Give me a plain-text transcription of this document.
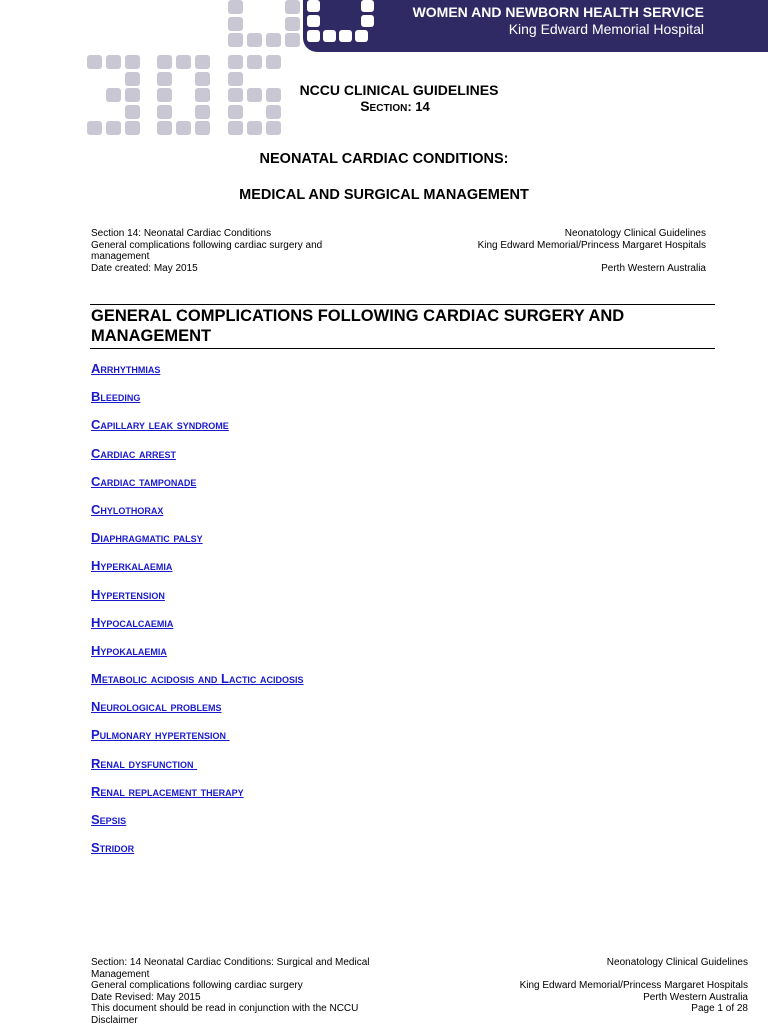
WOMEN AND NEWBORN HEALTH SERVICE
King Edward Memorial Hospital
NCCU CLINICAL GUIDELINES
Section: 14
NEONATAL CARDIAC CONDITIONS:
MEDICAL AND SURGICAL MANAGEMENT
Section 14: Neonatal Cardiac Conditions
General complications following cardiac surgery and management
Date created: May 2015
Neonatology Clinical Guidelines
King Edward Memorial/Princess Margaret Hospitals
Perth Western Australia
GENERAL COMPLICATIONS FOLLOWING CARDIAC SURGERY AND MANAGEMENT
Arrhythmias
Bleeding
Capillary leak syndrome
Cardiac arrest
Cardiac tamponade
Chylothorax
Diaphragmatic palsy
Hyperkalaemia
Hypertension
Hypocalcaemia
Hypokalaemia
Metabolic acidosis and Lactic acidosis
Neurological problems
Pulmonary hypertension
Renal dysfunction
Renal replacement therapy
Sepsis
Stridor
Section: 14 Neonatal Cardiac Conditions: Surgical and Medical Management
General complications following cardiac surgery
Date Revised: May 2015
This document should be read in conjunction with the NCCU Disclaimer
Neonatology Clinical Guidelines
King Edward Memorial/Princess Margaret Hospitals
Perth Western Australia
Page 1 of 28
